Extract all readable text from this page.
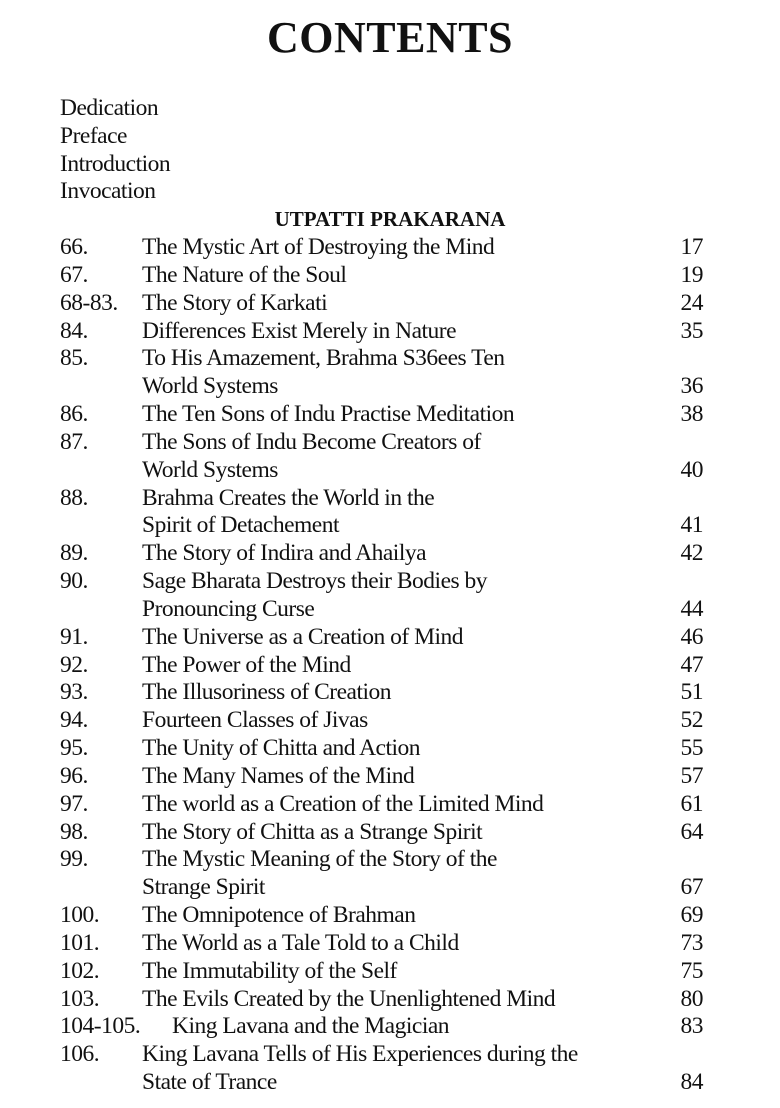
CONTENTS
Dedication
Preface
Introduction
Invocation
UTPATTI PRAKARANA
66. The Mystic Art of Destroying the Mind	17
67. The Nature of the Soul	19
68-83. The Story of Karkati	24
84. Differences Exist Merely in Nature	35
85. To His Amazement, Brahma S36ees Ten
World Systems	36
86. The Ten Sons of Indu Practise Meditation	38
87. The Sons of Indu Become Creators of
World Systems	40
88. Brahma Creates the World in the
Spirit of Detachement	41
89. The Story of Indira and Ahailya	42
90. Sage Bharata Destroys their Bodies by
Pronouncing Curse	44
91. The Universe as a Creation of Mind	46
92. The Power of the Mind	47
93. The Illusoriness of Creation	51
94. Fourteen Classes of Jivas	52
95. The Unity of Chitta and Action	55
96. The Many Names of the Mind	57
97. The world as a Creation of the Limited Mind	61
98. The Story of Chitta as a Strange Spirit	64
99. The Mystic Meaning of the Story of the
Strange Spirit	67
100. The Omnipotence of Brahman	69
101. The World as a Tale Told to a Child	73
102. The Immutability of the Self	75
103. The Evils Created by the Unenlightened Mind	80
104-105. King Lavana and the Magician	83
106. King Lavana Tells of His Experiences during the
State of Trance	84
